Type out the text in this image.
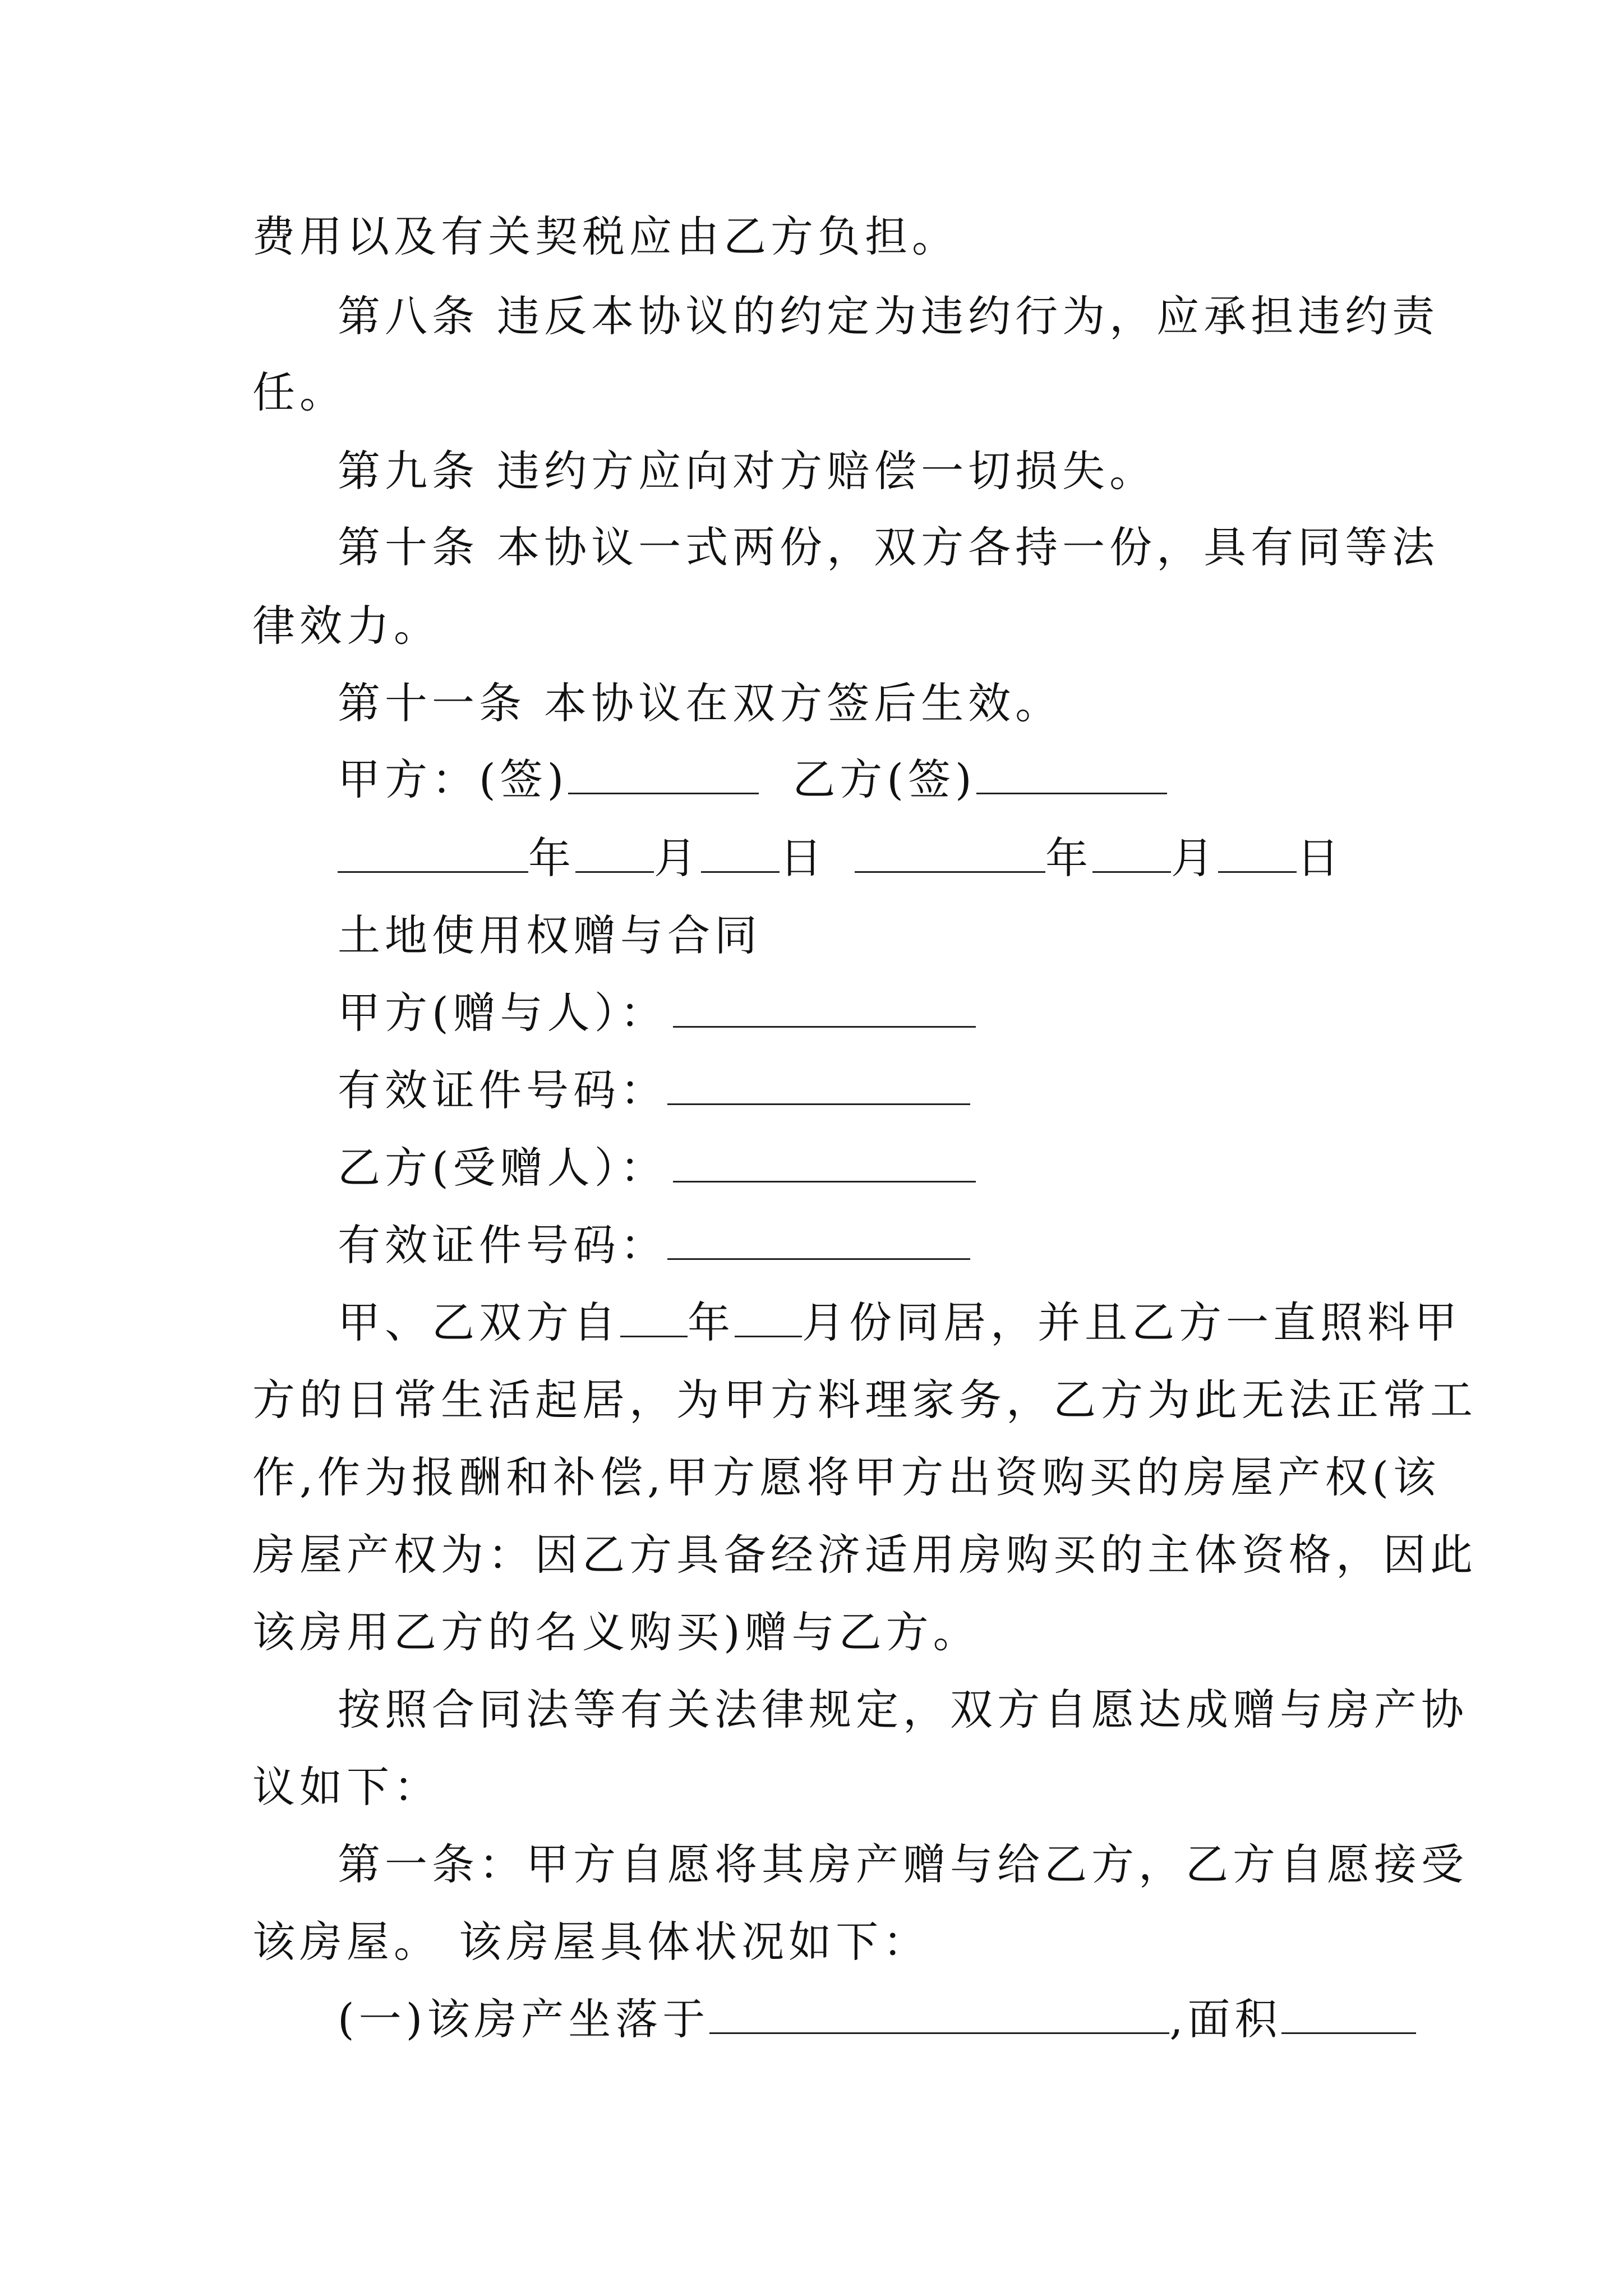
费用以及有关契税应由乙方负担。
第八条 违反本协议的约定为违约行为，应承担违约责
任。
第九条 违约方应向对方赔偿一切损失。
第十条 本协议一式两份，双方各持一份，具有同等法
律效力。
第十一条 本协议在双方签后生效。
甲方：(签)	乙方(签)
年 月 日	年 月 日
土地使用权赠与合同
甲方(赠与人）：
有效证件号码：
乙方(受赠人）：
有效证件号码：
甲、乙双方自 年 月份同居，并且乙方一直照料甲
方的日常生活起居，为甲方料理家务，乙方为此无法正常工
作,作为报酬和补偿,甲方愿将甲方出资购买的房屋产权(该
房屋产权为：因乙方具备经济适用房购买的主体资格，因此
该房用乙方的名义购买)赠与乙方。
按照合同法等有关法律规定，双方自愿达成赠与房产协
议如下：
第一条：甲方自愿将其房产赠与给乙方，乙方自愿接受
该房屋。 该房屋具体状况如下：
(一)该房产坐落于	,面积
